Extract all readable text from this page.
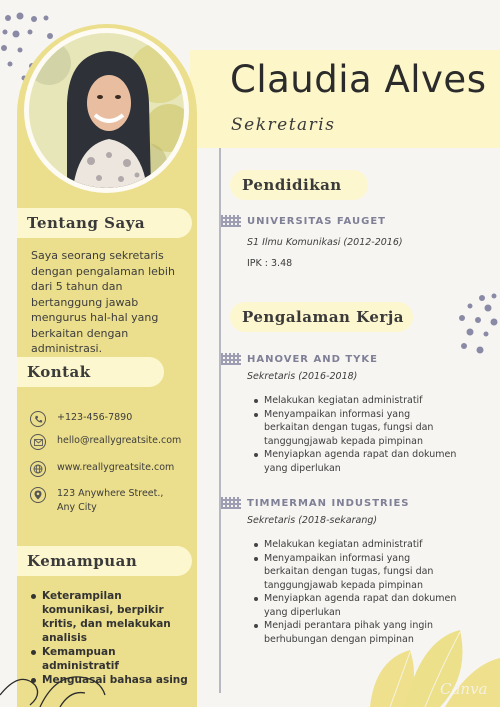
Claudia Alves
Sekretaris
Tentang Saya

Saya seorang sekretaris dengan pengalaman lebih dari 5 tahun dan bertanggung jawab mengurus hal-hal yang berkaitan dengan administrasi.

Kontak
+123-456-7890
hello@reallygreatsite.com
www.reallygreatsite.com
123 Anywhere Street., Any City
Kemampuan
Keterampilan komunikasi, berpikir kritis, dan melakukan analisis
Kemampuan administratif
Menguasai bahasa asing
Pendidikan
UNIVERSITAS FAUGET
S1 Ilmu Komunikasi (2012-2016)
IPK : 3.48
Pengalaman Kerja
HANOVER AND TYKE
Sekretaris (2016-2018)
Melakukan kegiatan administratif
Menyampaikan informasi yang berkaitan dengan tugas, fungsi dan tanggungjawab kepada pimpinan
Menyiapkan agenda rapat dan dokumen yang diperlukan
TIMMERMAN INDUSTRIES
Sekretaris (2018-sekarang)
Melakukan kegiatan administratif
Menyampaikan informasi yang berkaitan dengan tugas, fungsi dan tanggungjawab kepada pimpinan
Menyiapkan agenda rapat dan dokumen yang diperlukan
Menjadi perantara pihak yang ingin berhubungan dengan pimpinan
Canva
